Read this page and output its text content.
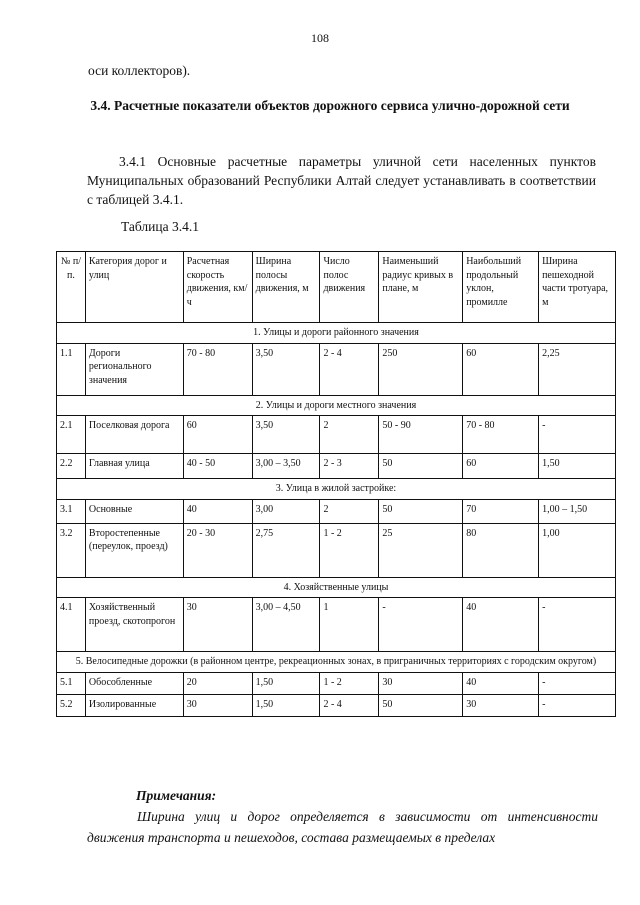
108
оси коллекторов).
3.4. Расчетные показатели объектов дорожного сервиса улично-дорожной сети
3.4.1 Основные расчетные параметры уличной сети населенных пунктов Муниципальных образований Республики Алтай следует устанавливать в соответствии с таблицей 3.4.1.
Таблица 3.4.1
№ п/п.	Категория дорог и улиц	Расчетная скорость движения, км/ч	Ширина полосы движения, м	Число полос движения	Наименьший радиус кривых в плане, м	Наибольший продольный уклон, промилле	Ширина пешеходной части тротуара, м
1. Улицы и дороги районного значения							
1.1	Дороги регионального значения	70 - 80	3,50	2 - 4	250	60	2,25
2. Улицы и дороги местного значения							
2.1	Поселковая дорога	60	3,50	2	50 - 90	70 - 80	-
2.2	Главная улица	40 - 50	3,00 – 3,50	2 - 3	50	60	1,50
3. Улица в жилой застройке:							
3.1	Основные	40	3,00	2	50	70	1,00 – 1,50
3.2	Второстепенные (переулок, проезд)	20 - 30	2,75	1 - 2	25	80	1,00
4. Хозяйственные улицы							
4.1	Хозяйственный проезд, скотопрогон	30	3,00 – 4,50	1	-	40	-
5. Велосипедные дорожки (в районном центре, рекреационных зонах, в приграничных территориях с городским округом)							
5.1	Обособленные	20	1,50	1 - 2	30	40	-
5.2	Изолированные	30	1,50	2 - 4	50	30	-
Примечания:
Ширина улиц и дорог определяется в зависимости от интенсивности движения транспорта и пешеходов, состава размещаемых в пределах
